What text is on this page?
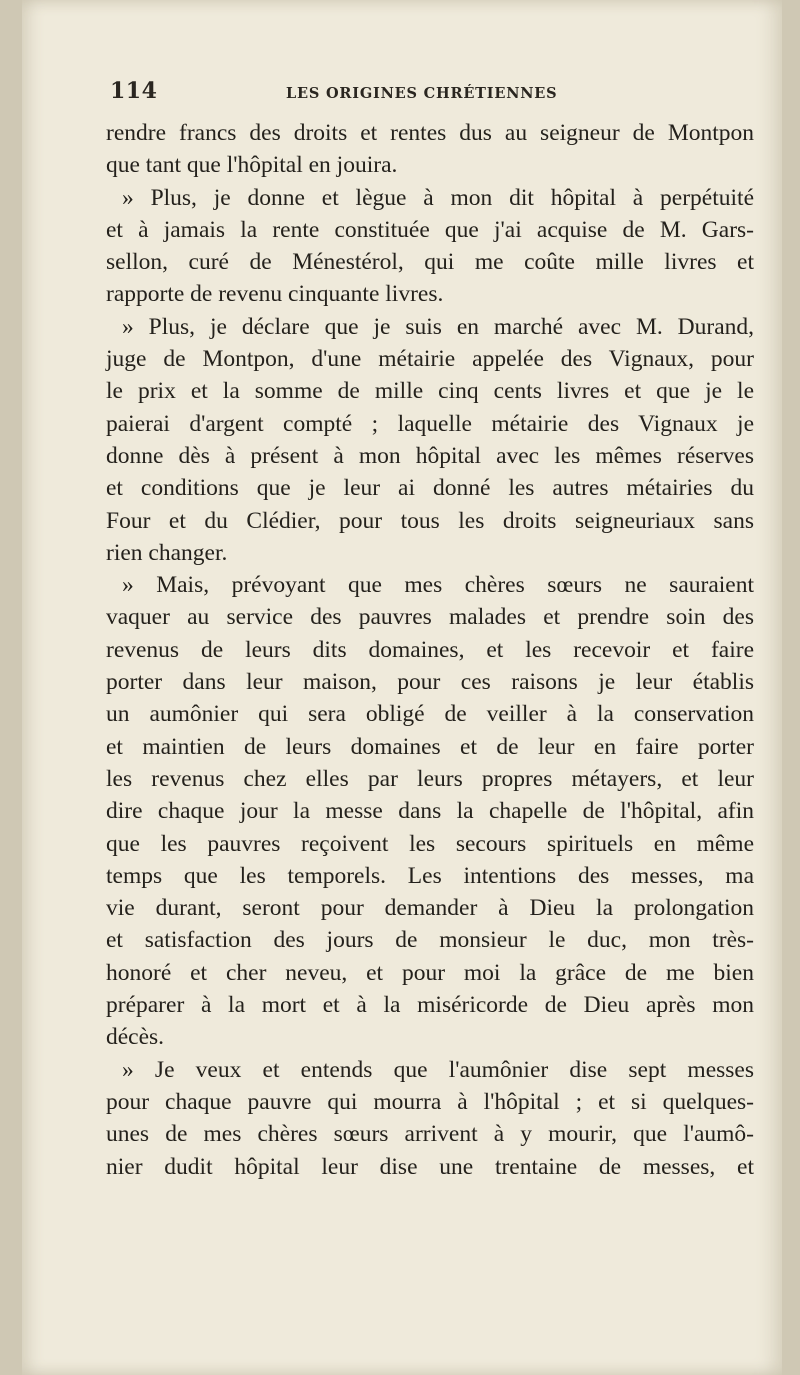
114	LES ORIGINES CHRÉTIENNES
rendre francs des droits et rentes dus au seigneur de Montpon
que tant que l'hôpital en jouira.
» Plus, je donne et lègue à mon dit hôpital à perpétuité
et à jamais la rente constituée que j'ai acquise de M. Gars-
sellon, curé de Ménestérol, qui me coûte mille livres et
rapporte de revenu cinquante livres.
» Plus, je déclare que je suis en marché avec M. Durand,
juge de Montpon, d'une métairie appelée des Vignaux, pour
le prix et la somme de mille cinq cents livres et que je le
paierai d'argent compté ; laquelle métairie des Vignaux je
donne dès à présent à mon hôpital avec les mêmes réserves
et conditions que je leur ai donné les autres métairies du
Four et du Clédier, pour tous les droits seigneuriaux sans
rien changer.
» Mais, prévoyant que mes chères sœurs ne sauraient
vaquer au service des pauvres malades et prendre soin des
revenus de leurs dits domaines, et les recevoir et faire
porter dans leur maison, pour ces raisons je leur établis
un aumônier qui sera obligé de veiller à la conservation
et maintien de leurs domaines et de leur en faire porter
les revenus chez elles par leurs propres métayers, et leur
dire chaque jour la messe dans la chapelle de l'hôpital, afin
que les pauvres reçoivent les secours spirituels en même
temps que les temporels. Les intentions des messes, ma
vie durant, seront pour demander à Dieu la prolongation
et satisfaction des jours de monsieur le duc, mon très-
honoré et cher neveu, et pour moi la grâce de me bien
préparer à la mort et à la miséricorde de Dieu après mon
décès.
» Je veux et entends que l'aumônier dise sept messes
pour chaque pauvre qui mourra à l'hôpital ; et si quelques-
unes de mes chères sœurs arrivent à y mourir, que l'aumô-
nier dudit hôpital leur dise une trentaine de messes, et
